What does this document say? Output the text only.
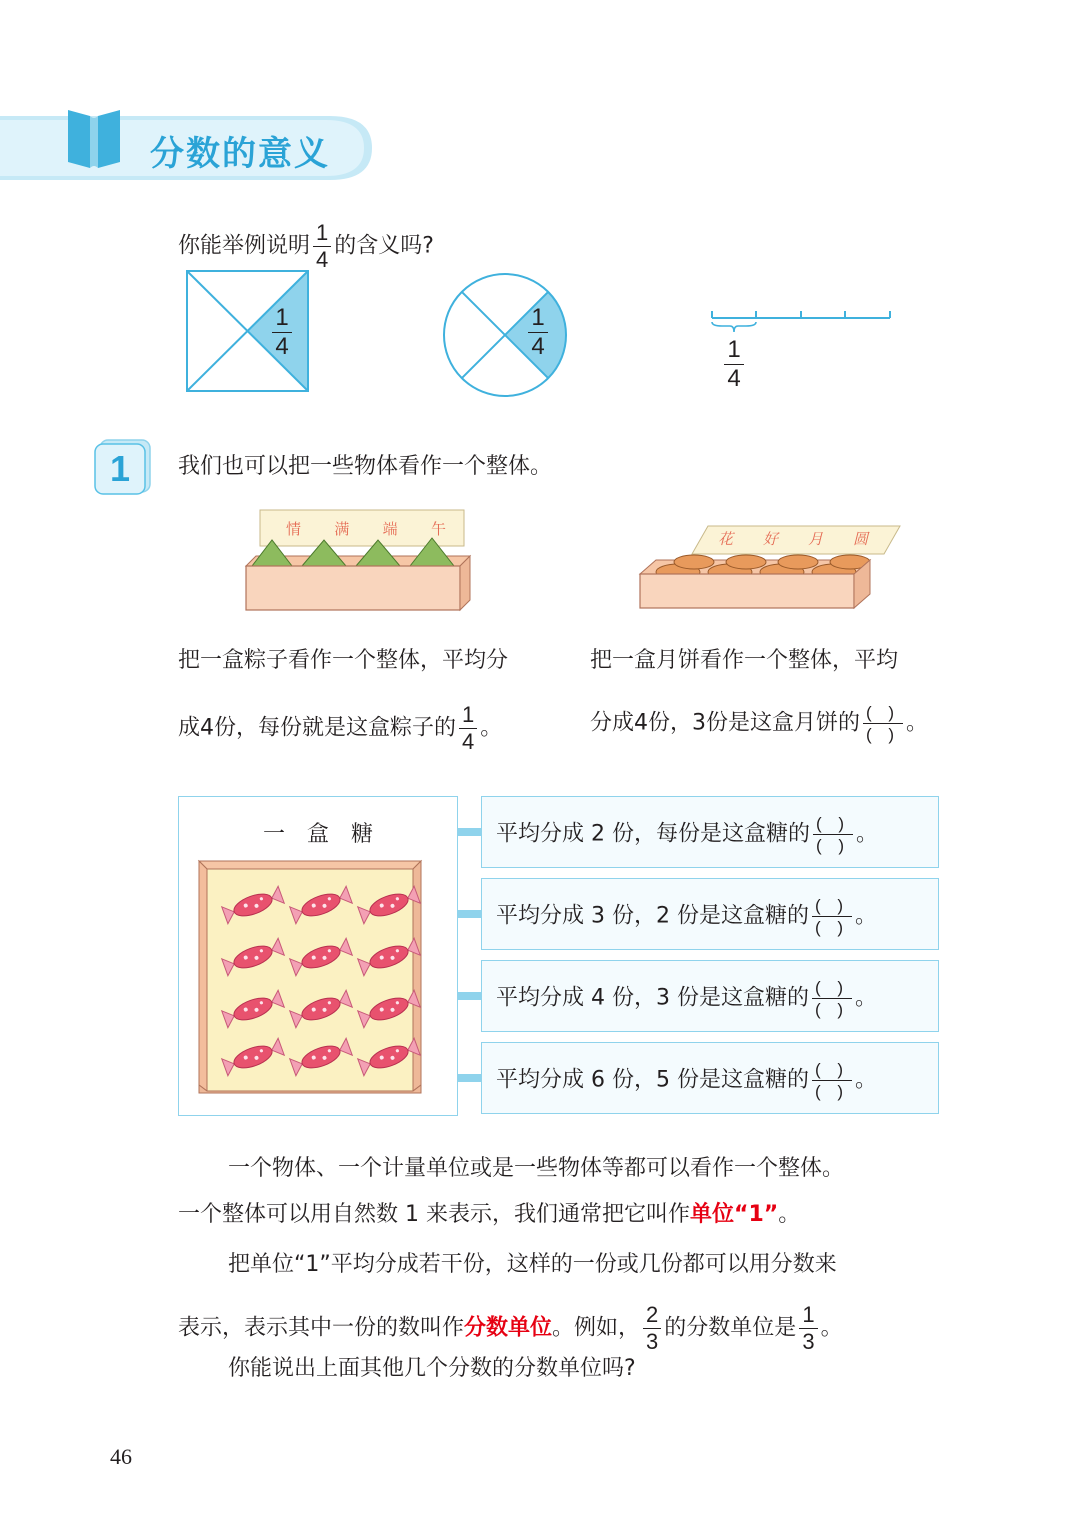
分数的意义
你能举例说明 $\frac{1}{4}$ 的含义吗?
1
4
1
4	1
4
1	我们也可以把一些物体看作一个整体。
情 满 端 午
花 好 月 圆
把一盒粽子看作一个整体，平均分
成4份，每份就是这盒粽子的 $\frac{1}{4}$ 。
把一盒月饼看作一个整体，平均
分成4份，3份是这盒月饼的 $\frac{( )}{( )}$ 。
一　盒　糖	平均分成 2 份，每份是这盒糖的 $\frac{( )}{( )}$ 。
平均分成 3 份，2 份是这盒糖的 $\frac{( )}{( )}$ 。
平均分成 4 份，3 份是这盒糖的 $\frac{( )}{( )}$ 。
平均分成 6 份，5 份是这盒糖的 $\frac{( )}{( )}$ 。
一个物体、一个计量单位或是一些物体等都可以看作一个整体。
一个整体可以用自然数 1 来表示，我们通常把它叫作单位“1”。
把单位“1”平均分成若干份，这样的一份或几份都可以用分数来
表示，表示其中一份的数叫作分数单位。例如， $\frac{2}{3}$ 的分数单位是 $\frac{1}{3}$ 。
你能说出上面其他几个分数的分数单位吗?
46
